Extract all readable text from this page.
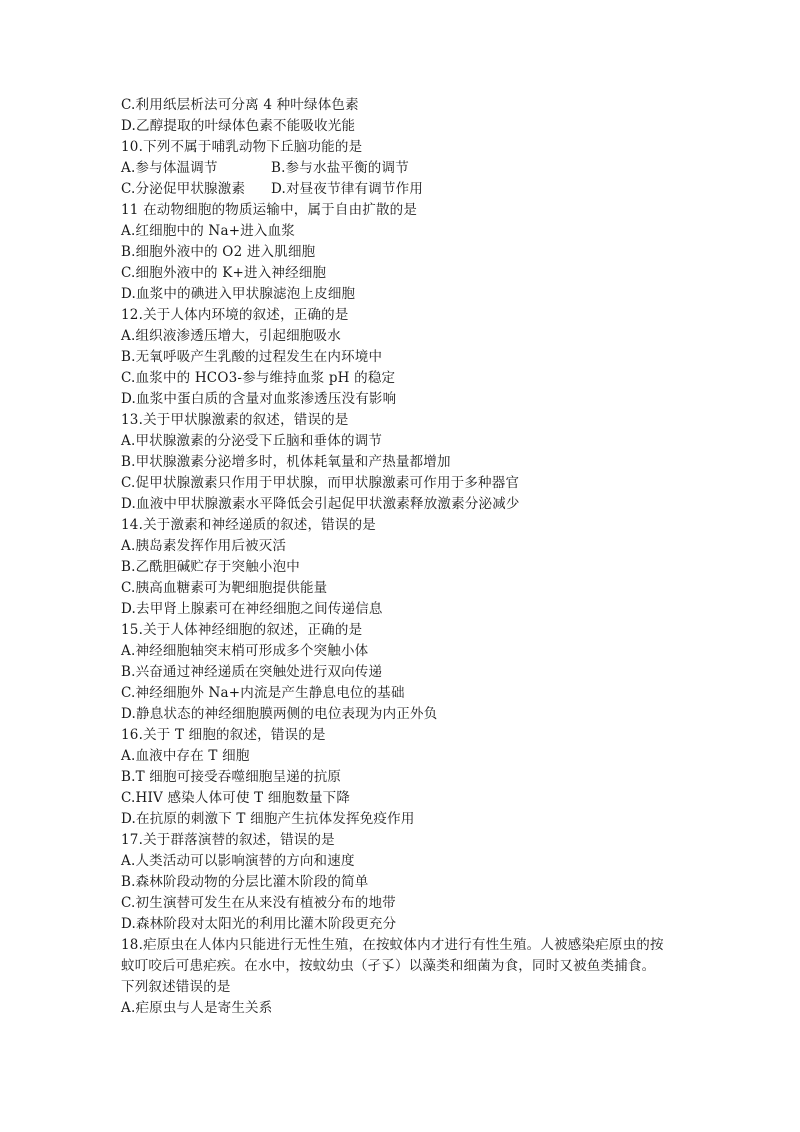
C.利用纸层析法可分离 4 种叶绿体色素
D.乙醇提取的叶绿体色素不能吸收光能
10.下列不属于哺乳动物下丘脑功能的是
A.参与体温调节	B.参与水盐平衡的调节
C.分泌促甲状腺激素	D.对昼夜节律有调节作用
11 在动物细胞的物质运输中，属于自由扩散的是
A.红细胞中的 Na+进入血浆
B.细胞外液中的 O2 进入肌细胞
C.细胞外液中的 K+进入神经细胞
D.血浆中的碘进入甲状腺滤泡上皮细胞
12.关于人体内环境的叙述，正确的是
A.组织液渗透压增大，引起细胞吸水
B.无氧呼吸产生乳酸的过程发生在内环境中
C.血浆中的 HCO3-参与维持血浆 pH 的稳定
D.血浆中蛋白质的含量对血浆渗透压没有影响
13.关于甲状腺激素的叙述，错误的是
A.甲状腺激素的分泌受下丘脑和垂体的调节
B.甲状腺激素分泌增多时，机体耗氧量和产热量都增加
C.促甲状腺激素只作用于甲状腺，而甲状腺激素可作用于多种器官
D.血液中甲状腺激素水平降低会引起促甲状激素释放激素分泌减少
14.关于激素和神经递质的叙述，错误的是
A.胰岛素发挥作用后被灭活
B.乙酰胆碱贮存于突触小泡中
C.胰高血糖素可为靶细胞提供能量
D.去甲肾上腺素可在神经细胞之间传递信息
15.关于人体神经细胞的叙述，正确的是
A.神经细胞轴突末梢可形成多个突触小体
B.兴奋通过神经递质在突触处进行双向传递
C.神经细胞外 Na+内流是产生静息电位的基础
D.静息状态的神经细胞膜两侧的电位表现为内正外负
16.关于 T 细胞的叙述，错误的是
A.血液中存在 T 细胞
B.T 细胞可接受吞噬细胞呈递的抗原
C.HIV 感染人体可使 T 细胞数量下降
D.在抗原的刺激下 T 细胞产生抗体发挥免疫作用
17.关于群落演替的叙述，错误的是
A.人类活动可以影响演替的方向和速度
B.森林阶段动物的分层比灌木阶段的简单
C.初生演替可发生在从来没有植被分布的地带
D.森林阶段对太阳光的利用比灌木阶段更充分
18.疟原虫在人体内只能进行无性生殖，在按蚊体内才进行有性生殖。人被感染疟原虫的按
蚊叮咬后可患疟疾。在水中，按蚊幼虫（孑孓）以藻类和细菌为食，同时又被鱼类捕食。
下列叙述错误的是
A.疟原虫与人是寄生关系
